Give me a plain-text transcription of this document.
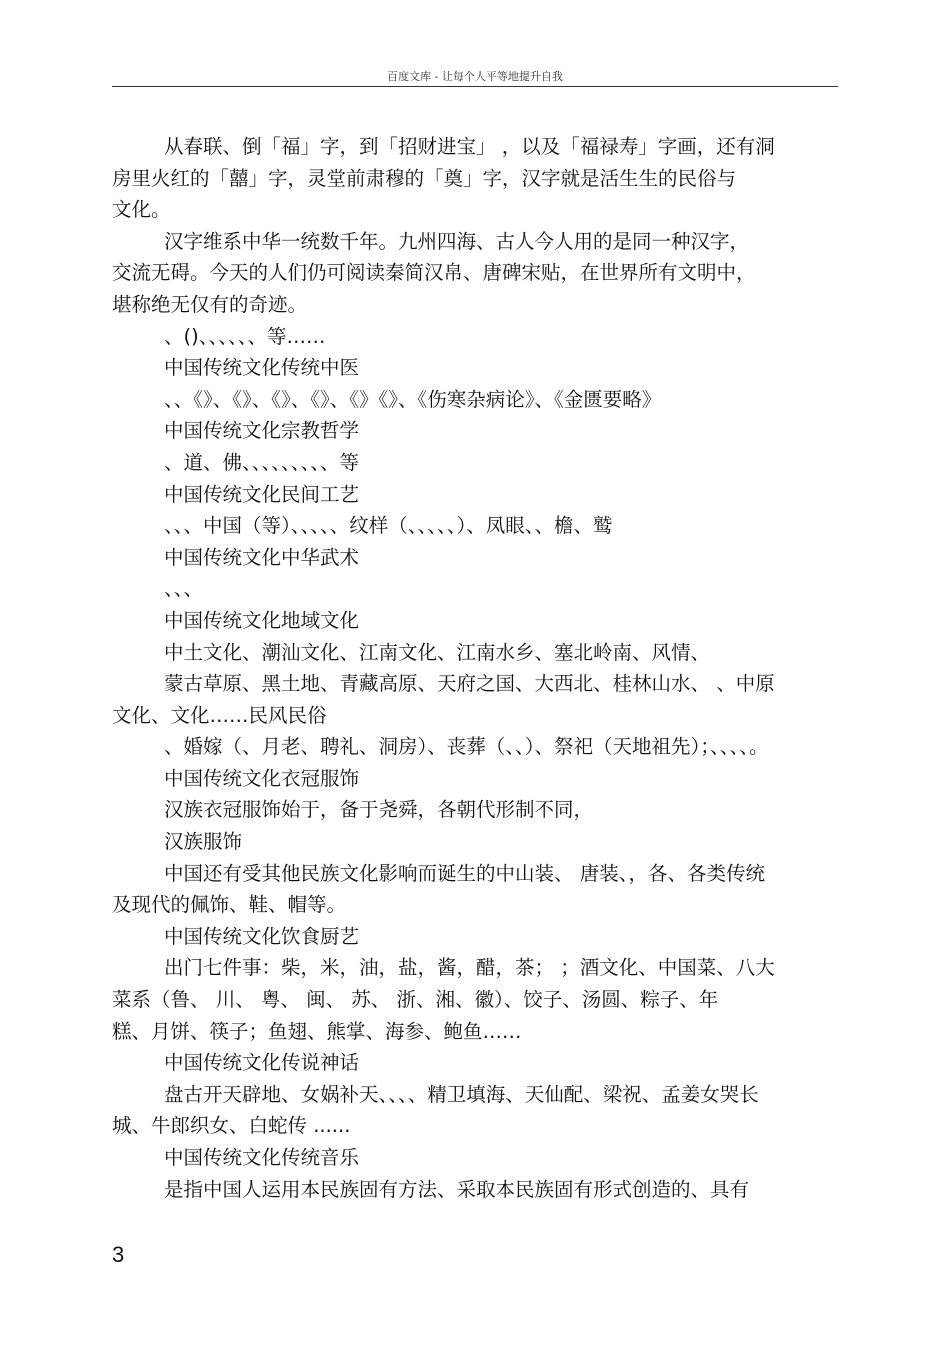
百度文库 - 让每个人平等地提升自我

从春联、倒「福」字，到「招财进宝」 ，以及「福禄寿」字画，还有洞

房里火红的「囍」字，灵堂前肃穆的「奠」字，汉字就是活生生的民俗与

文化。

汉字维系中华一统数千年。九州四海、古人今人用的是同一种汉字，

交流无碍。今天的人们仍可阅读秦简汉帛、唐碑宋贴，在世界所有文明中，

堪称绝无仅有的奇迹。

、()、、、、、、等……

中国传统文化传统中医

、、《》、《》、《》、《》、《》《》、《伤寒杂病论》、《金匮要略》

中国传统文化宗教哲学

、道、佛、、、、、、、、、等

中国传统文化民间工艺

、、、中国（等）、、、、、纹样（、、、、、）、凤眼、、檐、鹫

中国传统文化中华武术

、、、

中国传统文化地域文化

中土文化、潮汕文化、江南文化、江南水乡、塞北岭南、风情、

蒙古草原、黑土地、青藏高原、天府之国、大西北、桂林山水、 、中原

文化、文化……民风民俗

、婚嫁（、月老、聘礼、洞房）、丧葬（、、）、祭祀（天地祖先）；、、、、。

中国传统文化衣冠服饰

汉族衣冠服饰始于，备于尧舜，各朝代形制不同，

汉族服饰

中国还有受其他民族文化影响而诞生的中山装、 唐装、，各、各类传统

及现代的佩饰、鞋、帽等。

中国传统文化饮食厨艺

出门七件事：柴，米，油，盐，酱，醋，茶； ；酒文化、中国菜、八大

菜系（鲁、 川、 粤、 闽、 苏、 浙、湘、徽）、饺子、汤圆、粽子、年

糕、月饼、筷子；鱼翅、熊掌、海参、鲍鱼……

中国传统文化传说神话

盘古开天辟地、女娲补天、、、、精卫填海、天仙配、梁祝、孟姜女哭长

城、牛郎织女、白蛇传 ......

中国传统文化传统音乐

是指中国人运用本民族固有方法、采取本民族固有形式创造的、具有

3
